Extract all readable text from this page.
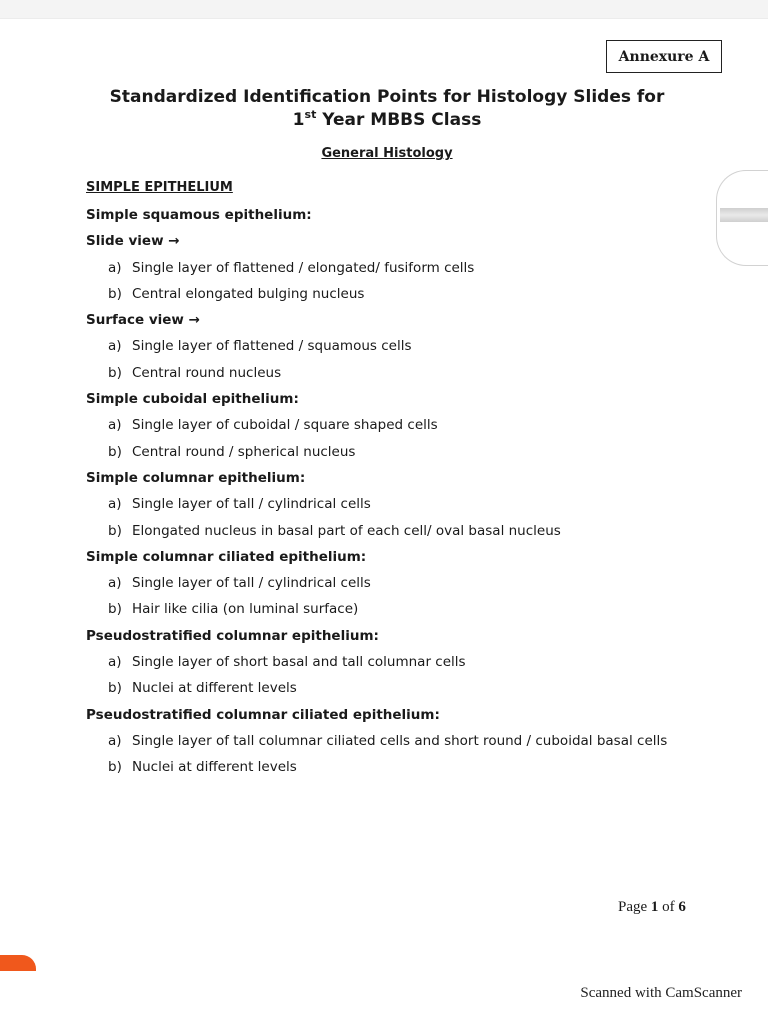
Annexure A
Standardized Identification Points for Histology Slides for
1st Year MBBS Class
General Histology
SIMPLE EPITHELIUM
Simple squamous epithelium:
Slide view →
a) Single layer of flattened / elongated/ fusiform cells
b) Central elongated bulging nucleus
Surface view →
a) Single layer of flattened / squamous cells
b) Central round nucleus
Simple cuboidal epithelium:
a) Single layer of cuboidal / square shaped cells
b) Central round / spherical nucleus
Simple columnar epithelium:
a) Single layer of tall / cylindrical cells
b) Elongated nucleus in basal part of each cell/ oval basal nucleus
Simple columnar ciliated epithelium:
a) Single layer of tall / cylindrical cells
b) Hair like cilia (on luminal surface)
Pseudostratified columnar epithelium:
a) Single layer of short basal and tall columnar cells
b) Nuclei at different levels
Pseudostratified columnar ciliated epithelium:
a) Single layer of tall columnar ciliated cells and short round / cuboidal basal cells
b) Nuclei at different levels
Page 1 of 6
Scanned with CamScanner
